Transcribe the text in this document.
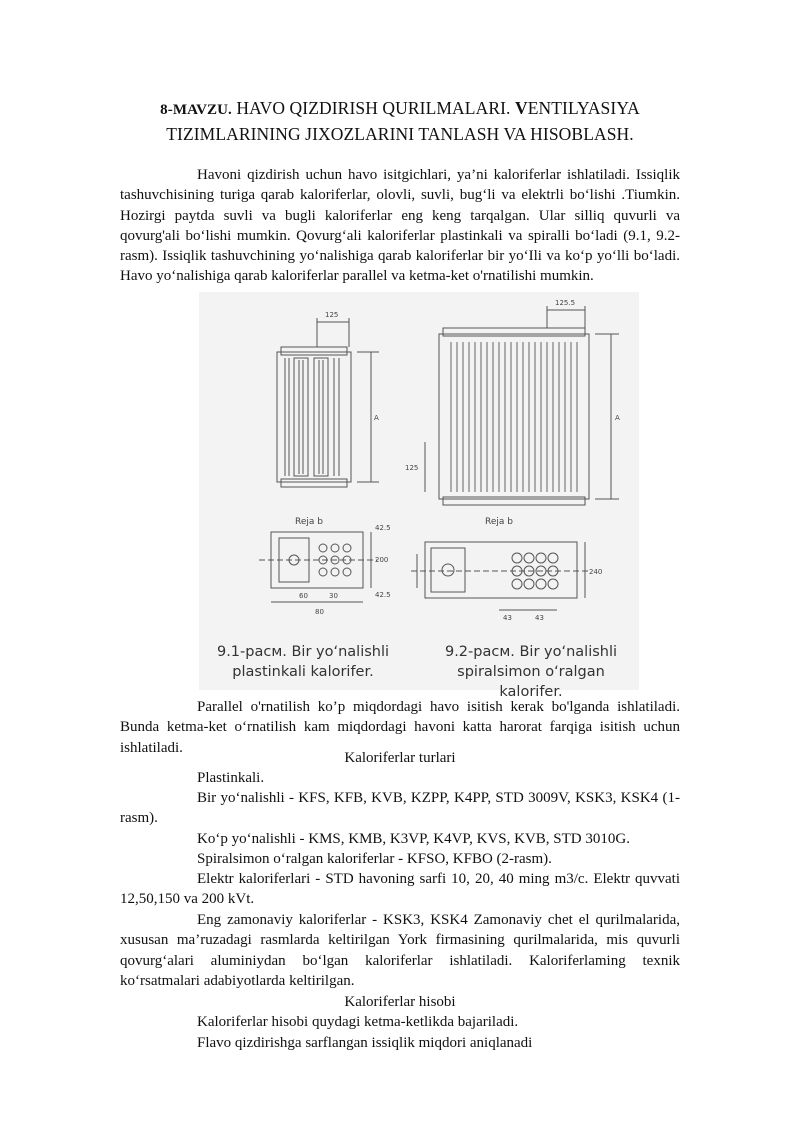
8-MAVZU. HAVO QIZDIRISH QURILMALARI. VENTILYASIYA
TIZIMLARINING JIXOZLARINI TANLASH VA HISOBLASH.
Havoni qizdirish uchun havo isitgichlari, ya’ni kaloriferlar ishlatiladi. Issiqlik tashuvchisining turiga qarab kaloriferlar, olovli, suvli, bug‘li va elektrli bo‘lishi .Tiumkin. Hozirgi paytda suvli va bugli kaloriferlar eng keng tarqalgan. Ular silliq quvurli va qovurg'ali bo‘lishi mumkin. Qovurg‘ali kaloriferlar plastinkali va spiralli bo‘ladi (9.1, 9.2-rasm). Issiqlik tashuvchining yo‘nalishiga qarab kaloriferlar bir yo‘Ili va ko‘p yo‘lli bo‘ladi. Havo yo‘nalishiga qarab kaloriferlar parallel va ketma-ket o'rnatilishi mumkin.
125
A
42.5
200
42.5
60	30
80
125.5
A
125
240
43	43
Reja b	Reja b
9.1-рacм. Bir yo‘nalishli
plastinkali kalorifer.
9.2-рacм. Bir yo‘nalishli
spiralsimon o‘ralgan kalorifer.
Parallel o'rnatilish ko’p miqdordagi havo isitish kerak bo'lganda ishlatiladi. Bunda ketma-ket o‘rnatilish kam miqdordagi havoni katta harorat farqiga isitish uchun ishlatiladi.
Kaloriferlar turlari
Plastinkali.
Bir yo‘nalishli - KFS, KFB, KVB, KZPP, K4PP, STD 3009V, KSK3, KSK4 (1-rasm).
Ko‘p yo‘nalishli - KMS, KMB, K3VP, K4VP, KVS, KVB, STD 3010G.
Spiralsimon o‘ralgan kaloriferlar - KFSO, KFBO (2-rasm).
Elektr kaloriferlari - STD havoning sarfi 10, 20, 40 ming m3/c. Elektr quvvati 12,50,150 va 200 kVt.
Eng zamonaviy kaloriferlar - KSK3, KSK4 Zamonaviy chet el qurilmalarida, xususan ma’ruzadagi rasmlarda keltirilgan York firmasining qurilmalarida, mis quvurli qovurg‘alari aluminiydan bo‘lgan kaloriferlar ishlatiladi. Kaloriferlaming texnik ko‘rsatmalari adabiyotlarda keltirilgan.
Kaloriferlar hisobi
Kaloriferlar hisobi quydagi ketma-ketlikda bajariladi.
Flavo qizdirishga sarflangan issiqlik miqdori aniqlanadi
